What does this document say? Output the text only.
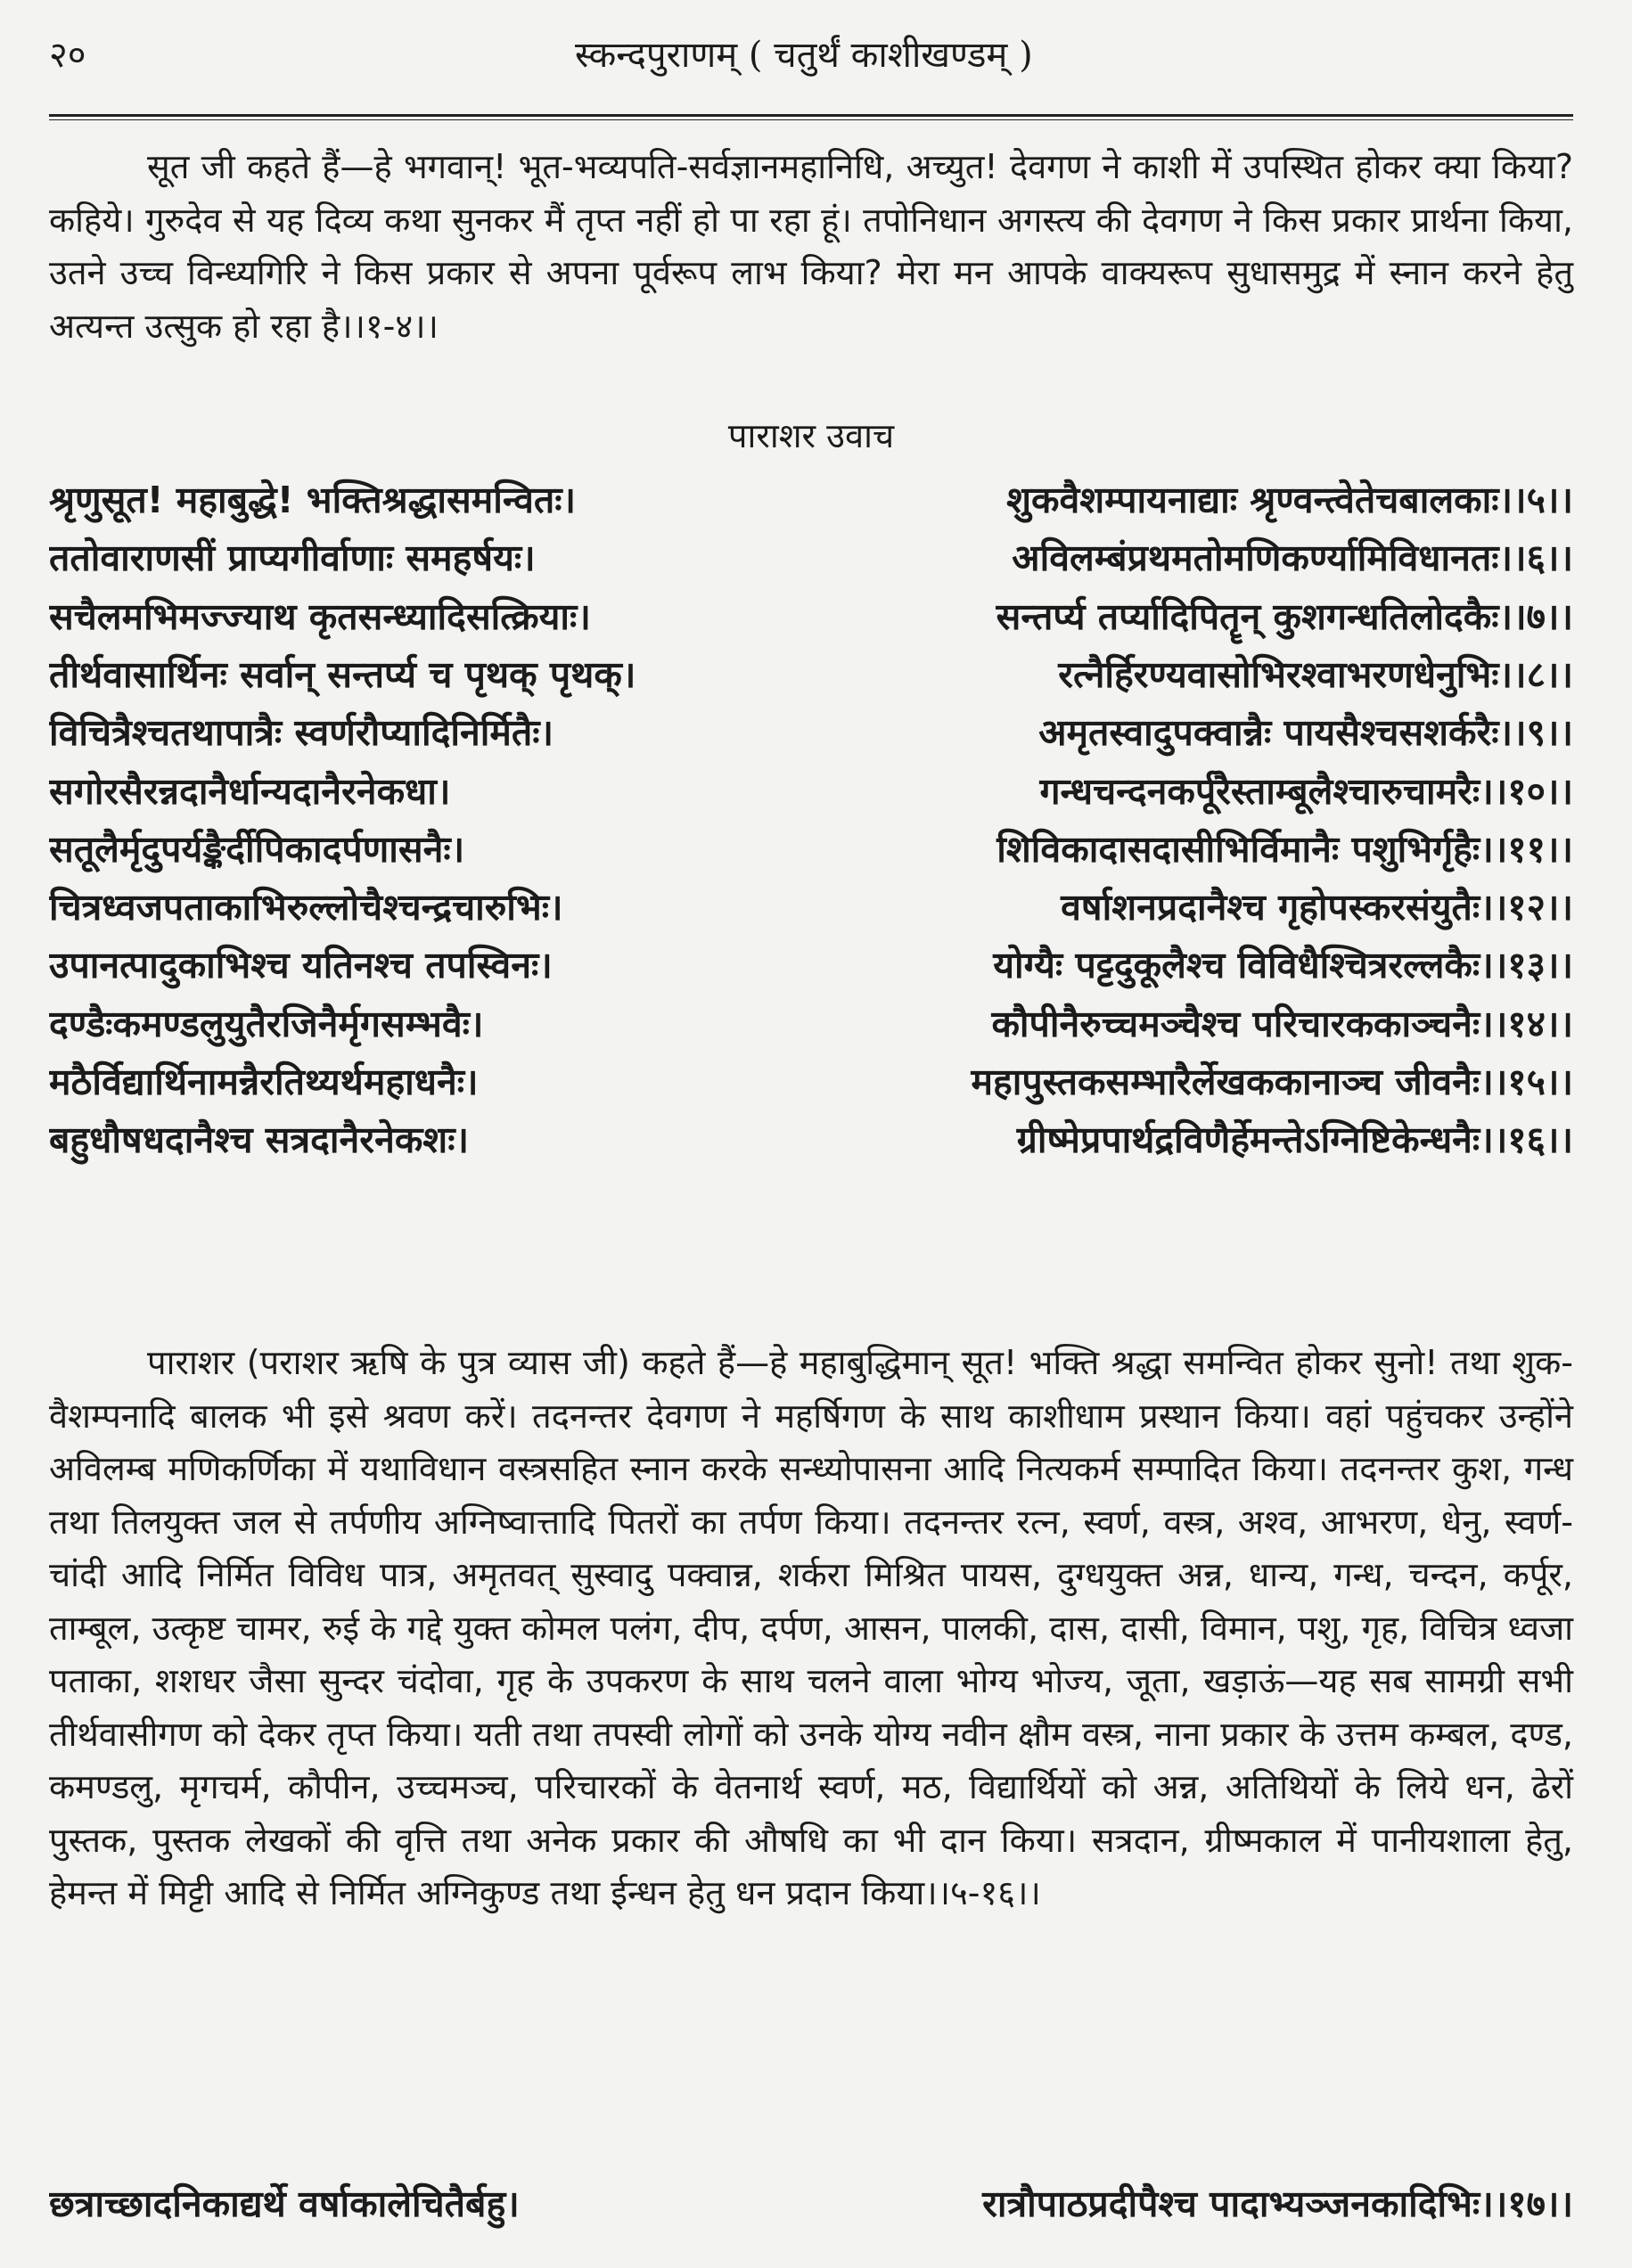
२०	स्कन्दपुराणम् ( चतुर्थं काशीखण्डम् )

सूत जी कहते हैं—हे भगवान्! भूत-भव्यपति-सर्वज्ञानमहानिधि, अच्युत! देवगण ने काशी में उपस्थित होकर क्या किया? कहिये। गुरुदेव से यह दिव्य कथा सुनकर मैं तृप्त नहीं हो पा रहा हूं। तपोनिधान अगस्त्य की देवगण ने किस प्रकार प्रार्थना किया, उतने उच्च विन्ध्यगिरि ने किस प्रकार से अपना पूर्वरूप लाभ किया? मेरा मन आपके वाक्यरूप सुधासमुद्र में स्नान करने हेतु अत्यन्त उत्सुक हो रहा है।।१-४।।

पाराशर उवाच
श्रृणुसूत! महाबुद्धे! भक्तिश्रद्धासमन्वितः।	शुकवैशम्पायनाद्याः श्रृण्वन्त्वेतेचबालकाः।।५।।
ततोवाराणसीं प्राप्यगीर्वाणाः समहर्षयः।	अविलम्बंप्रथमतोमणिकर्ण्यामिविधानतः।।६।।
सचैलमभिमज्ज्याथ कृतसन्ध्यादिसत्क्रियाः।	सन्तर्प्य तर्प्यादिपितॄन् कुशगन्धतिलोदकैः।।७।।
तीर्थवासार्थिनः सर्वान् सन्तर्प्य च पृथक् पृथक्।	रत्नैर्हिरण्यवासोभिरश्वाभरणधेनुभिः।।८।।
विचित्रैश्चतथापात्रैः स्वर्णरौप्यादिनिर्मितैः।	अमृतस्वादुपक्वान्नैः पायसैश्चसशर्करैः।।९।।
सगोरसैरन्नदानैर्धान्यदानैरनेकधा।	गन्धचन्दनकर्पूरैस्ताम्बूलैश्चारुचामरैः।।१०।।
सतूलैर्मृदुपर्यङ्कैर्दीपिकादर्पणासनैः।	शिविकादासदासीभिर्विमानैः पशुभिर्गृहैः।।११।।
चित्रध्वजपताकाभिरुल्लोचैश्चन्द्रचारुभिः।	वर्षाशनप्रदानैश्च गृहोपस्करसंयुतैः।।१२।।
उपानत्पादुकाभिश्च यतिनश्च तपस्विनः।	योग्यैः पट्टदुकूलैश्च विविधैश्चित्ररल्लकैः।।१३।।
दण्डैःकमण्डलुयुतैरजिनैर्मृगसम्भवैः।	कौपीनैरुच्चमञ्चैश्च परिचारककाञ्चनैः।।१४।।
मठैर्विद्यार्थिनामन्नैरतिथ्यर्थमहाधनैः।	महापुस्तकसम्भारैर्लेखककानाञ्च जीवनैः।।१५।।
बहुधौषधदानैश्च सत्रदानैरनेकशः।	ग्रीष्मेप्रपार्थद्रविणैर्हेमन्तेऽग्निष्टिकेन्धनैः।।१६।।

पाराशर (पराशर ऋषि के पुत्र व्यास जी) कहते हैं—हे महाबुद्धिमान् सूत! भक्ति श्रद्धा समन्वित होकर सुनो! तथा शुक-वैशम्पनादि बालक भी इसे श्रवण करें। तदनन्तर देवगण ने महर्षिगण के साथ काशीधाम प्रस्थान किया। वहां पहुंचकर उन्होंने अविलम्ब मणिकर्णिका में यथाविधान वस्त्रसहित स्नान करके सन्ध्योपासना आदि नित्यकर्म सम्पादित किया। तदनन्तर कुश, गन्ध तथा तिलयुक्त जल से तर्पणीय अग्निष्वात्तादि पितरों का तर्पण किया। तदनन्तर रत्न, स्वर्ण, वस्त्र, अश्व, आभरण, धेनु, स्वर्ण-चांदी आदि निर्मित विविध पात्र, अमृतवत् सुस्वादु पक्वान्न, शर्करा मिश्रित पायस, दुग्धयुक्त अन्न, धान्य, गन्ध, चन्दन, कर्पूर, ताम्बूल, उत्कृष्ट चामर, रुई के गद्दे युक्त कोमल पलंग, दीप, दर्पण, आसन, पालकी, दास, दासी, विमान, पशु, गृह, विचित्र ध्वजा पताका, शशधर जैसा सुन्दर चंदोवा, गृह के उपकरण के साथ चलने वाला भोग्य भोज्य, जूता, खड़ाऊं—यह सब सामग्री सभी तीर्थवासीगण को देकर तृप्त किया। यती तथा तपस्वी लोगों को उनके योग्य नवीन क्षौम वस्त्र, नाना प्रकार के उत्तम कम्बल, दण्ड, कमण्डलु, मृगचर्म, कौपीन, उच्चमञ्च, परिचारकों के वेतनार्थ स्वर्ण, मठ, विद्यार्थियों को अन्न, अतिथियों के लिये धन, ढेरों पुस्तक, पुस्तक लेखकों की वृत्ति तथा अनेक प्रकार की औषधि का भी दान किया। सत्रदान, ग्रीष्मकाल में पानीयशाला हेतु, हेमन्त में मिट्टी आदि से निर्मित अग्निकुण्ड तथा ईन्धन हेतु धन प्रदान किया।।५-१६।।

छत्राच्छादनिकाद्यर्थे वर्षाकालेचितैर्बहु।	रात्रौपाठप्रदीपैश्च पादाभ्यञ्जनकादिभिः।।१७।।
